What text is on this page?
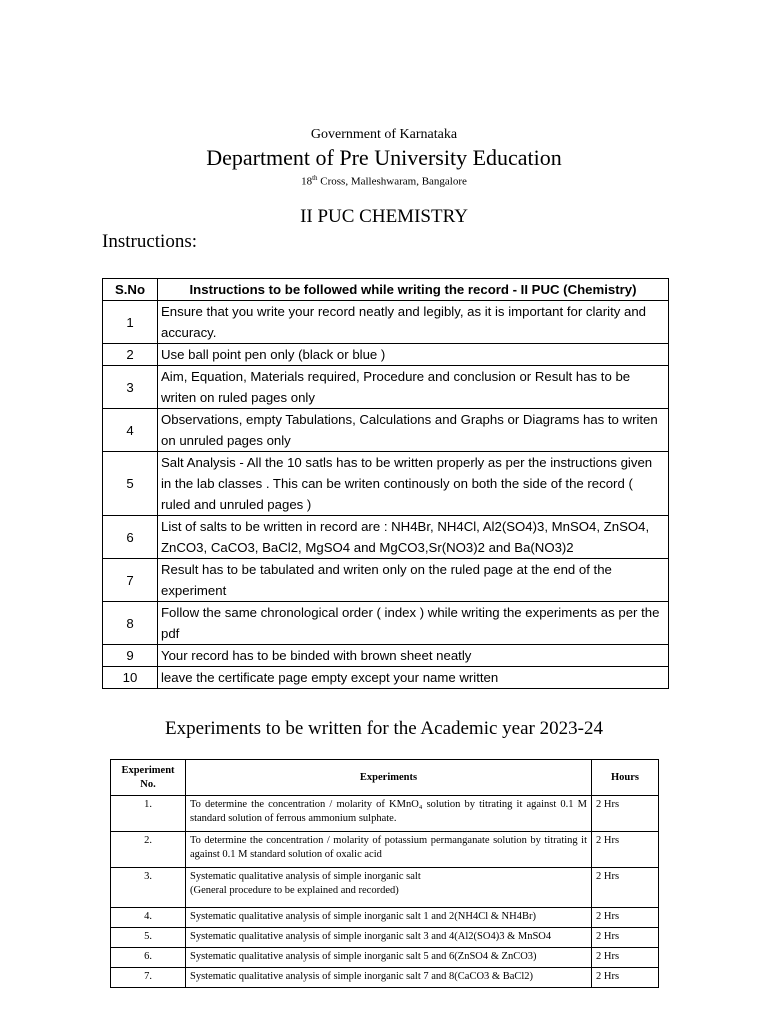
Government of Karnataka
Department of Pre University Education
18th Cross, Malleshwaram, Bangalore
II PUC CHEMISTRY
Instructions:
S.No	Instructions to be followed while writing the record - II PUC (Chemistry)
1	Ensure that you write your record neatly and legibly, as it is important for clarity and accuracy.
2	Use ball point pen only (black or blue )
3	Aim, Equation, Materials required, Procedure and conclusion or Result has to be writen on ruled pages only
4	Observations, empty Tabulations, Calculations and Graphs or Diagrams has to writen on unruled pages only
5	Salt Analysis - All the 10 satls has to be written properly as per the instructions given in the lab classes . This can be writen continously on both the side of the record ( ruled and unruled pages )
6	List of salts to be written in record are : NH4Br, NH4Cl, Al2(SO4)3, MnSO4, ZnSO4, ZnCO3, CaCO3, BaCl2, MgSO4 and MgCO3,Sr(NO3)2 and Ba(NO3)2
7	Result has to be tabulated and writen only on the ruled page at the end of the experiment
8	Follow the same chronological order ( index ) while writing the experiments as per the pdf
9	Your record has to be binded with brown sheet neatly
10	leave the certificate page empty except your name written
Experiments to be written for the Academic year 2023-24
Experiment No.	Experiments	Hours
1.	To determine the concentration / molarity of KMnO₄ solution by titrating it against 0.1 M standard solution of ferrous ammonium sulphate.	2 Hrs
2.	To determine the concentration / molarity of potassium permanganate solution by titrating it against 0.1 M standard solution of oxalic acid	2 Hrs
3.	Systematic qualitative analysis of simple inorganic salt
(General procedure to be explained and recorded)	2 Hrs
4.	Systematic qualitative analysis of simple inorganic salt 1 and 2(NH4Cl & NH4Br)	2 Hrs
5.	Systematic qualitative analysis of simple inorganic salt 3 and 4(Al2(SO4)3 & MnSO4	2 Hrs
6.	Systematic qualitative analysis of simple inorganic salt 5 and 6(ZnSO4 & ZnCO3)	2 Hrs
7.	Systematic qualitative analysis of simple inorganic salt 7 and 8(CaCO3 & BaCl2)	2 Hrs
